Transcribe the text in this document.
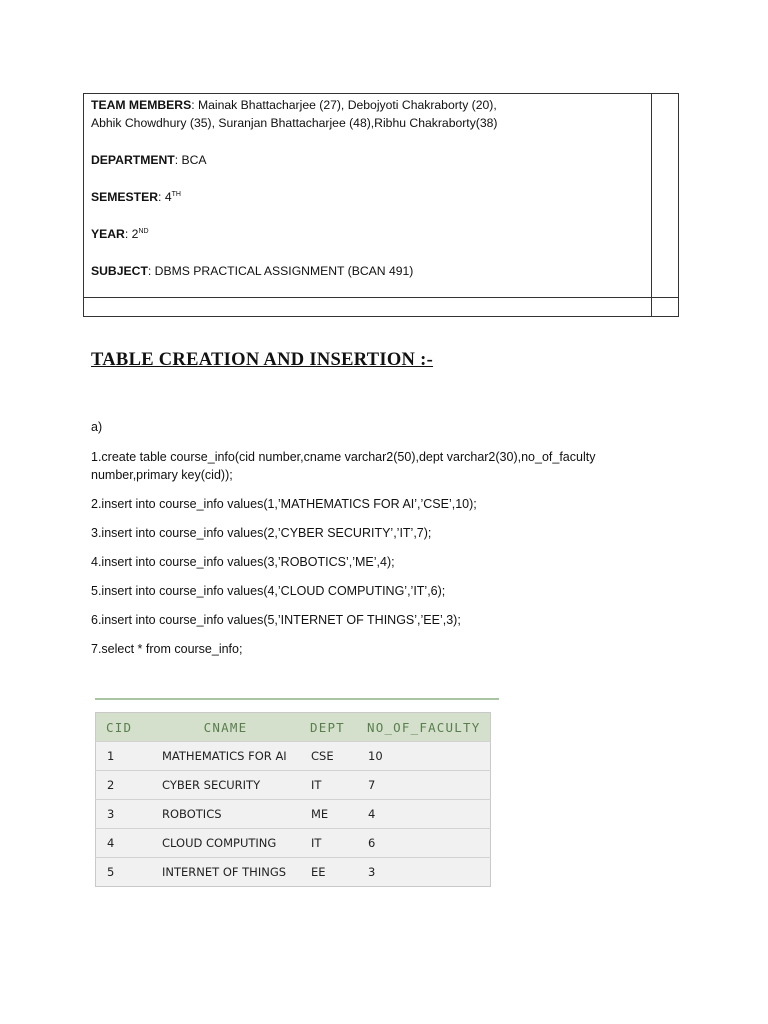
TEAM MEMBERS: Mainak Bhattacharjee (27), Debojyoti Chakraborty (20),

Abhik Chowdhury (35), Suranjan Bhattacharjee (48),Ribhu Chakraborty(38)

DEPARTMENT: BCA

SEMESTER: 4TH

YEAR: 2ND

SUBJECT: DBMS PRACTICAL ASSIGNMENT (BCAN 491)

TABLE CREATION AND INSERTION :-
a)

1.create table course_info(cid number,cname varchar2(50),dept varchar2(30),no_of_faculty number,primary key(cid));

2.insert into course_info values(1,’MATHEMATICS FOR AI’,’CSE’,10);

3.insert into course_info values(2,’CYBER SECURITY’,’IT’,7);

4.insert into course_info values(3,’ROBOTICS’,’ME’,4);

5.insert into course_info values(4,’CLOUD COMPUTING’,’IT’,6);

6.insert into course_info values(5,’INTERNET OF THINGS’,’EE’,3);

7.select * from course_info;

CID	CNAME	DEPT	NO_OF_FACULTY
1	MATHEMATICS FOR AI	CSE	10
2	CYBER SECURITY	IT	7
3	ROBOTICS	ME	4
4	CLOUD COMPUTING	IT	6
5	INTERNET OF THINGS	EE	3
